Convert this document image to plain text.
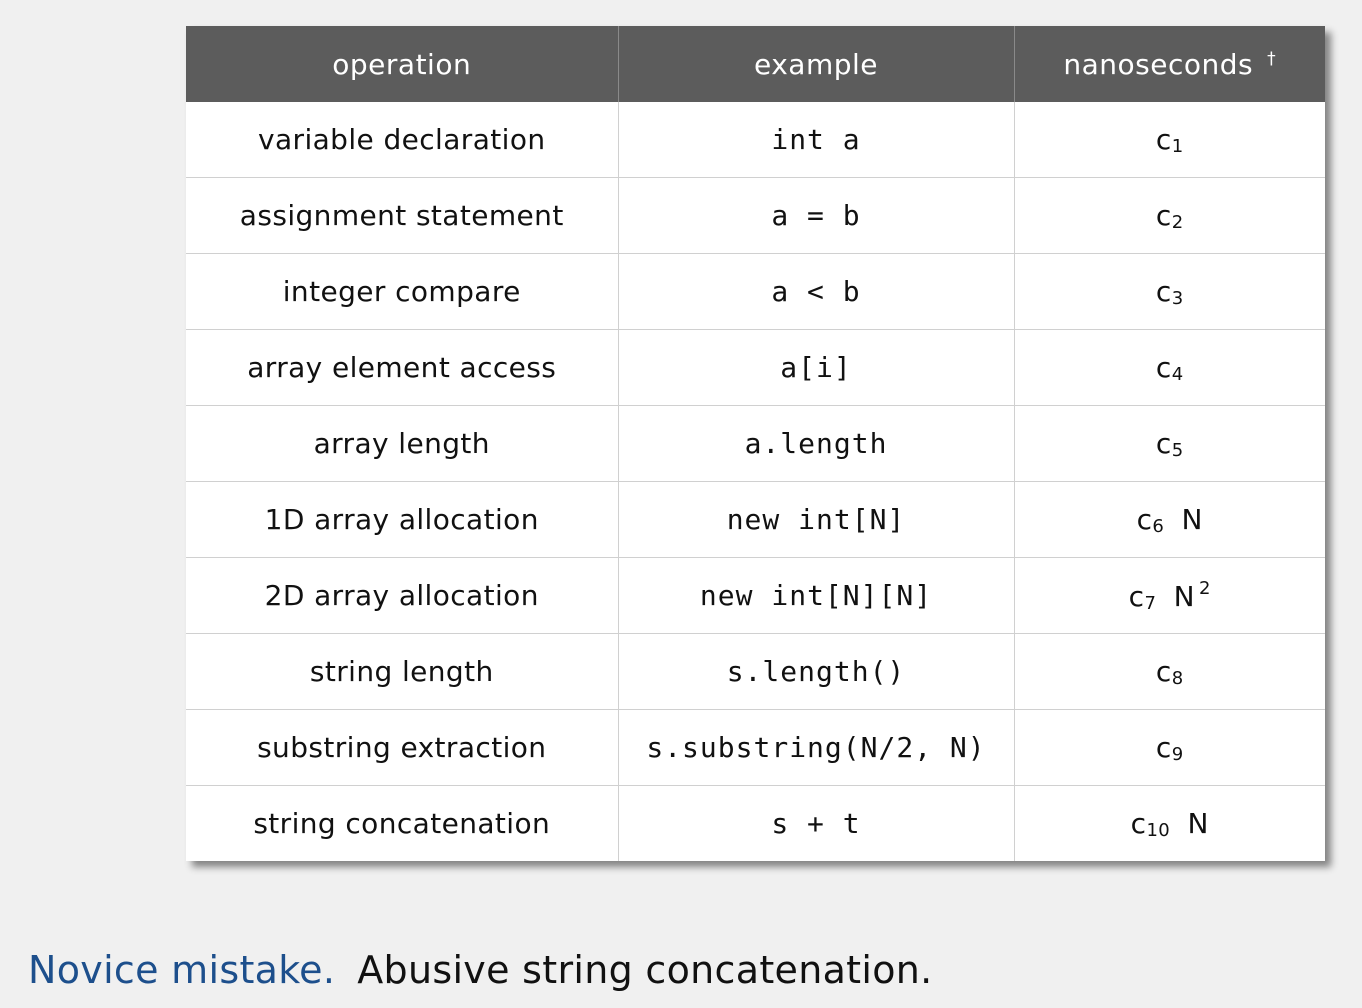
operation	example	nanoseconds †
variable declaration	int a	c1
assignment statement	a = b	c2
integer compare	a < b	c3
array element access	a[i]	c4
array length	a.length	c5
1D array allocation	new int[N]	c6 N
2D array allocation	new int[N][N]	c7 N $^2$
string length	s.length()	c8
substring extraction	s.substring(N/2, N)	c9
string concatenation	s + t	c10 N
Novice mistake. Abusive string concatenation.
